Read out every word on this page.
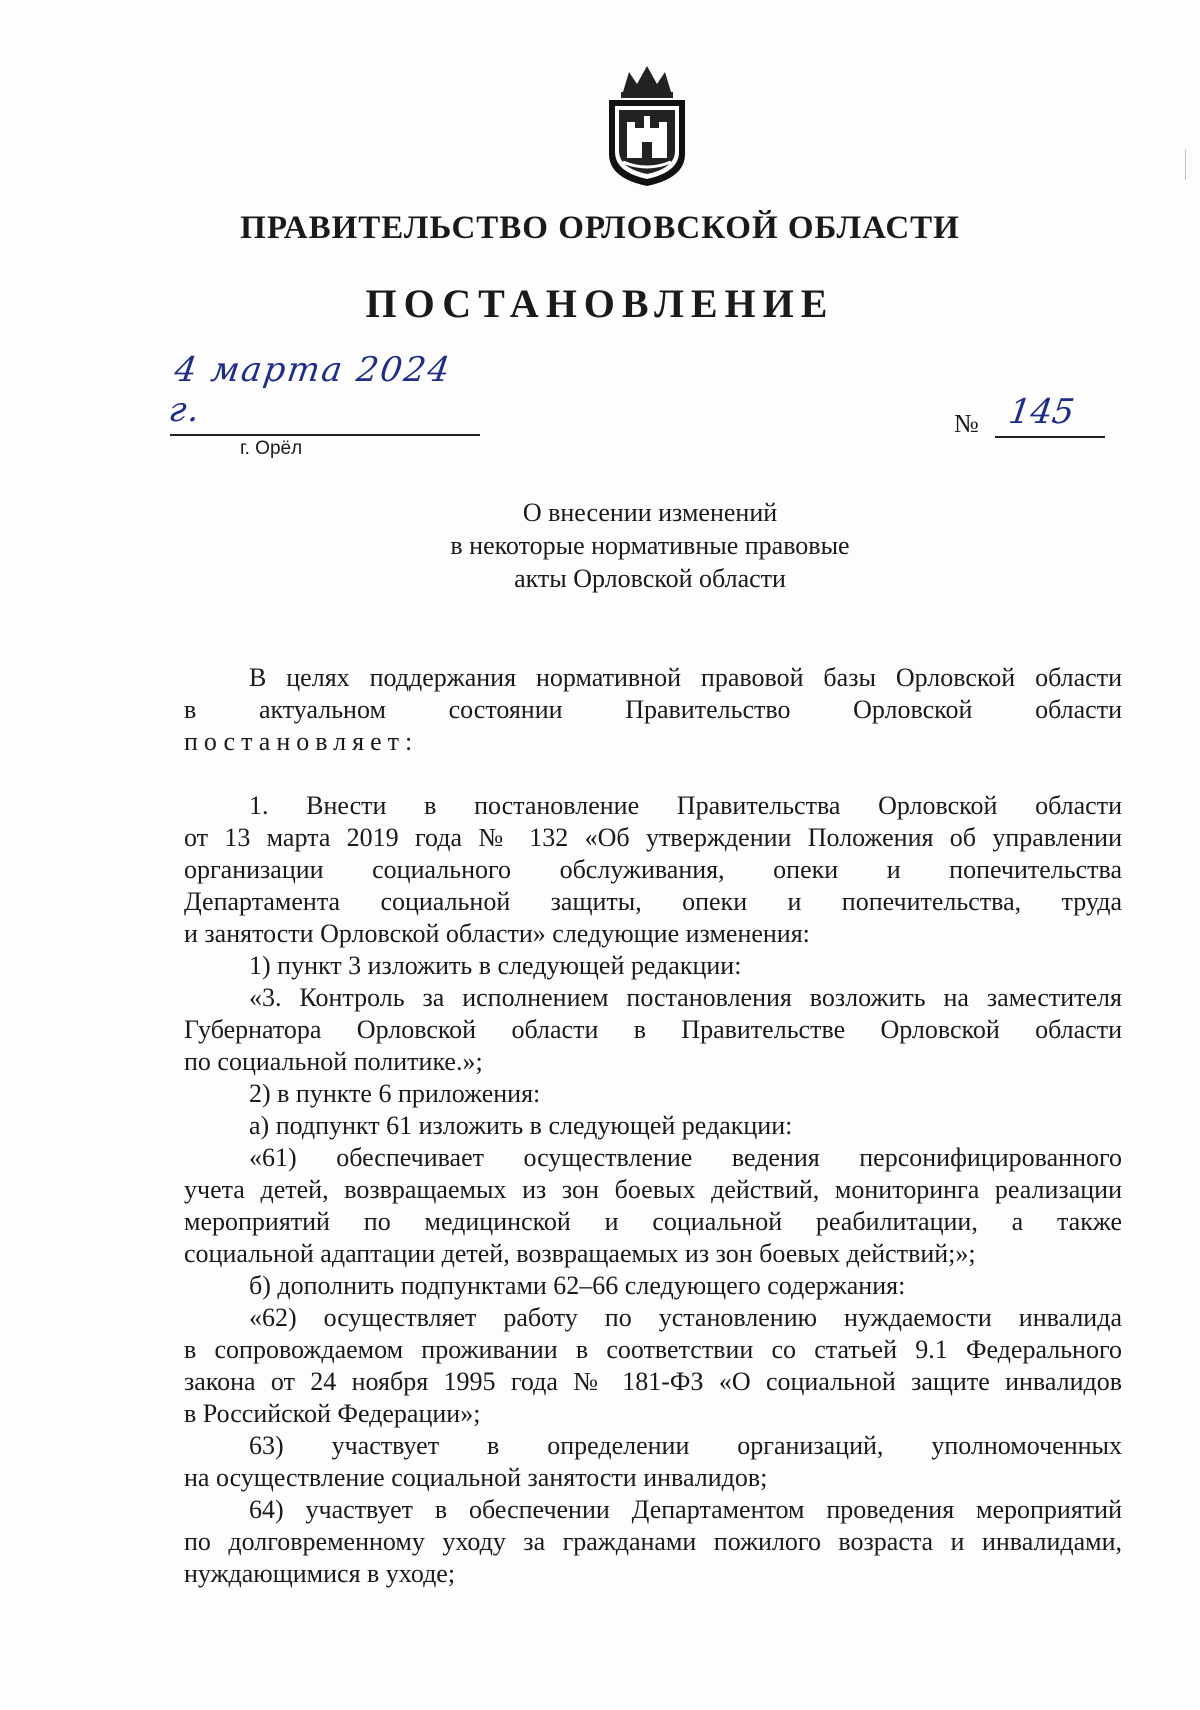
ПРАВИТЕЛЬСТВО ОРЛОВСКОЙ ОБЛАСТИ
ПОСТАНОВЛЕНИЕ
4 марта 2024 г.
г. Орёл
№ 145
О внесении изменений
в некоторые нормативные правовые
акты Орловской области

В целях поддержания нормативной правовой базы Орловской области

в актуальном состоянии Правительство Орловской области

постановляет:

1. Внести в постановление Правительства Орловской области

от 13 марта 2019 года № 132 «Об утверждении Положения об управлении

организации социального обслуживания, опеки и попечительства

Департамента социальной защиты, опеки и попечительства, труда

и занятости Орловской области» следующие изменения:

1) пункт 3 изложить в следующей редакции:

«3. Контроль за исполнением постановления возложить на заместителя

Губернатора Орловской области в Правительстве Орловской области

по социальной политике.»;

2) в пункте 6 приложения:

а) подпункт 61 изложить в следующей редакции:

«61) обеспечивает осуществление ведения персонифицированного

учета детей, возвращаемых из зон боевых действий, мониторинга реализации

мероприятий по медицинской и социальной реабилитации, а также

социальной адаптации детей, возвращаемых из зон боевых действий;»;

б) дополнить подпунктами 62–66 следующего содержания:

«62) осуществляет работу по установлению нуждаемости инвалида

в сопровождаемом проживании в соответствии со статьей 9.1 Федерального

закона от 24 ноября 1995 года № 181-ФЗ «О социальной защите инвалидов

в Российской Федерации»;

63) участвует в определении организаций, уполномоченных

на осуществление социальной занятости инвалидов;

64) участвует в обеспечении Департаментом проведения мероприятий

по долговременному уходу за гражданами пожилого возраста и инвалидами,

нуждающимися в уходе;
